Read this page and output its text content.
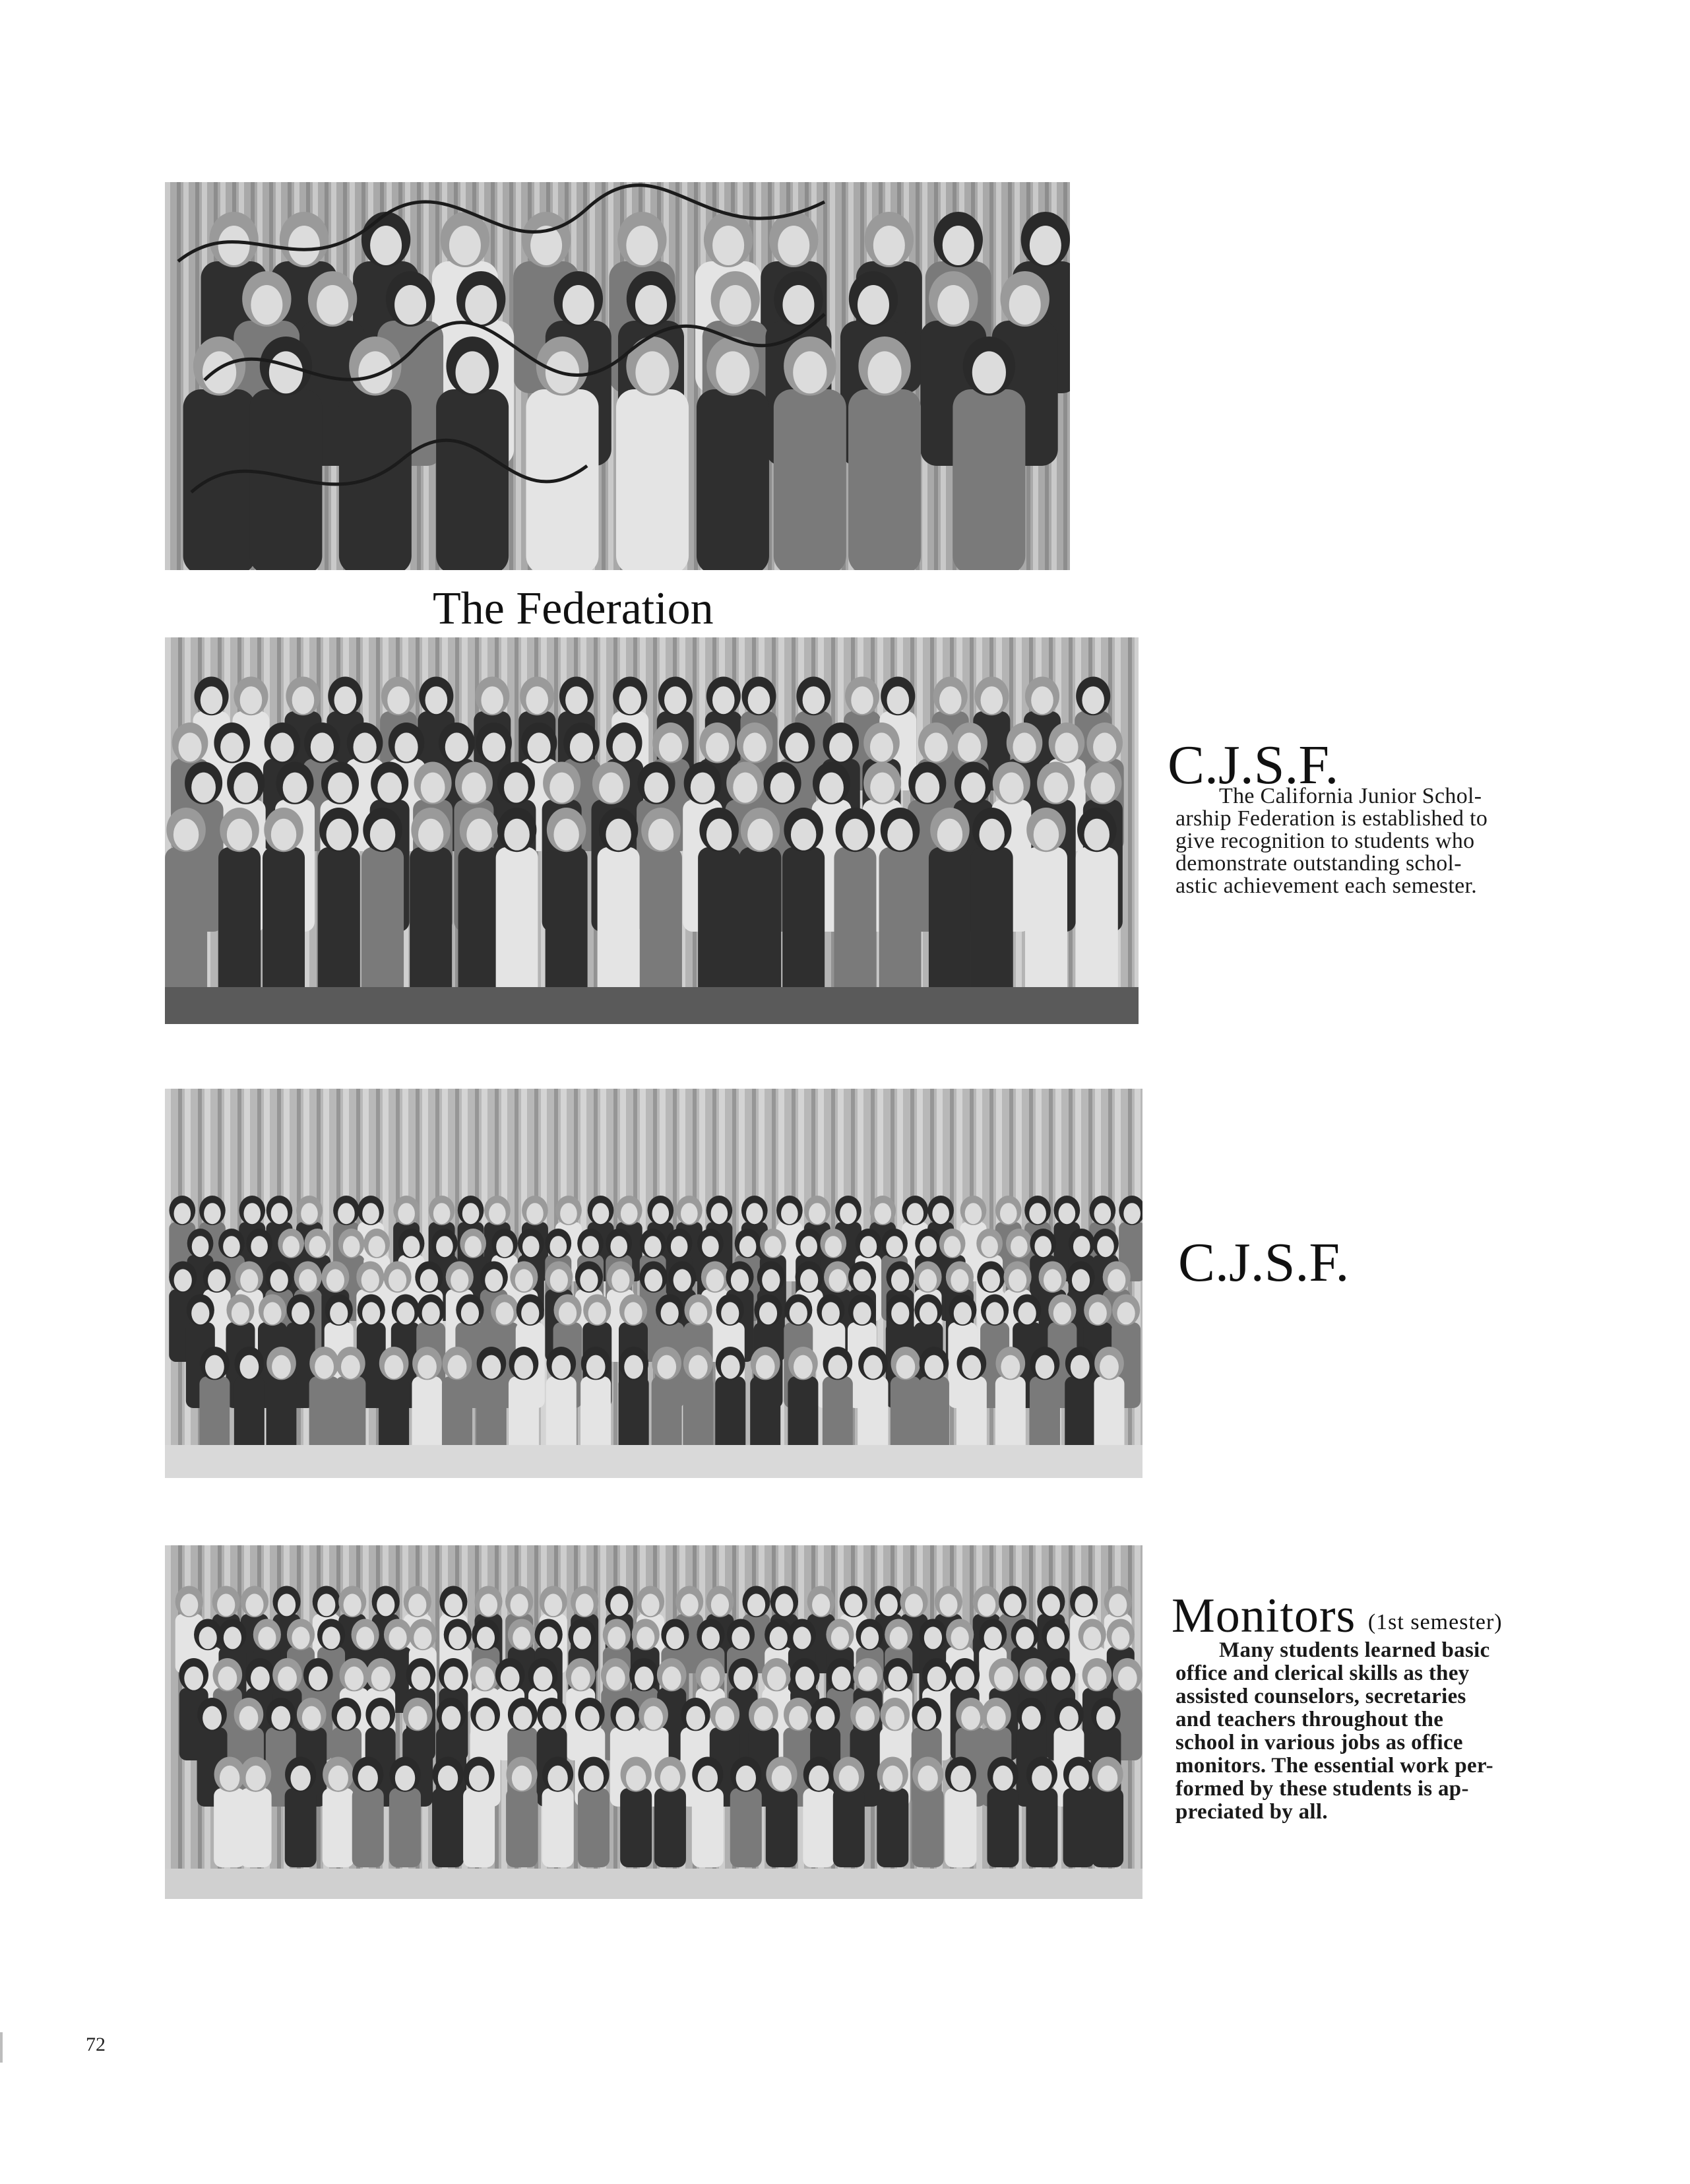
The Federation
C.J.S.F.
The California Junior Schol-
arship Federation is established to
give recognition to students who
demonstrate outstanding schol-
astic achievement each semester.
C.J.S.F.
Monitors (1st semester)
Many students learned basic
office and clerical skills as they
assisted counselors, secretaries
and teachers throughout the
school in various jobs as office
monitors. The essential work per-
formed by these students is ap-
preciated by all.
72
